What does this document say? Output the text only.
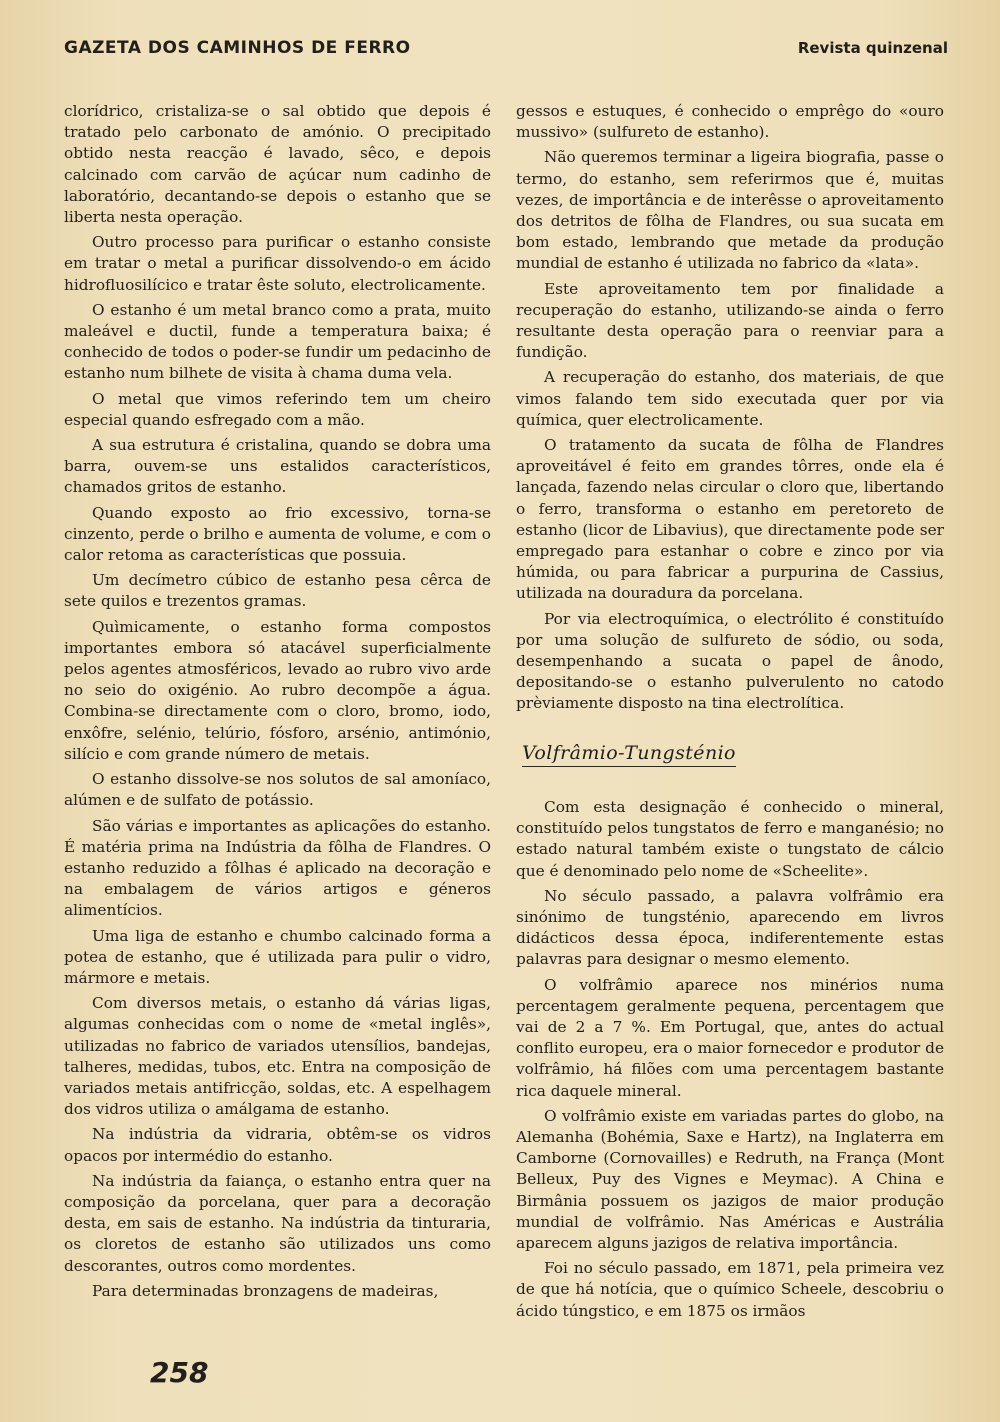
GAZETA DOS CAMINHOS DE FERRO	Revista quinzenal

clorídrico, cristaliza-se o sal obtido que depois é tratado pelo carbonato de amónio. O precipitado obtido nesta reacção é lavado, sêco, e depois calcinado com carvão de açúcar num cadinho de laboratório, decantando-se depois o estanho que se liberta nesta operação.

Outro processo para purificar o estanho consiste em tratar o metal a purificar dissolvendo-o em ácido hidrofluosilícico e tratar êste soluto, electrolicamente.

O estanho é um metal branco como a prata, muito maleável e ductil, funde a temperatura baixa; é conhecido de todos o poder-se fundir um pedacinho de estanho num bilhete de visita à chama duma vela.

O metal que vimos referindo tem um cheiro especial quando esfregado com a mão.

A sua estrutura é cristalina, quando se dobra uma barra, ouvem-se uns estalidos característicos, chamados gritos de estanho.

Quando exposto ao frio excessivo, torna-se cinzento, perde o brilho e aumenta de volume, e com o calor retoma as características que possuia.

Um decímetro cúbico de estanho pesa cêrca de sete quilos e trezentos gramas.

Quìmicamente, o estanho forma compostos importantes embora só atacável superficialmente pelos agentes atmosféricos, levado ao rubro vivo arde no seio do oxigénio. Ao rubro decompõe a água. Combina-se directamente com o cloro, bromo, iodo, enxôfre, selénio, telúrio, fósforo, arsénio, antimónio, silício e com grande número de metais.

O estanho dissolve-se nos solutos de sal amoníaco, alúmen e de sulfato de potássio.

São várias e importantes as aplicações do estanho. É matéria prima na Indústria da fôlha de Flandres. O estanho reduzido a fôlhas é aplicado na decoração e na embalagem de vários artigos e géneros alimentícios.

Uma liga de estanho e chumbo calcinado forma a potea de estanho, que é utilizada para pulir o vidro, mármore e metais.

Com diversos metais, o estanho dá várias ligas, algumas conhecidas com o nome de «metal inglês», utilizadas no fabrico de variados utensílios, bandejas, talheres, medidas, tubos, etc. Entra na composição de variados metais antifricção, soldas, etc. A espelhagem dos vidros utiliza o amálgama de estanho.

Na indústria da vidraria, obtêm-se os vidros opacos por intermédio do estanho.

Na indústria da faiança, o estanho entra quer na composição da porcelana, quer para a decoração desta, em sais de estanho. Na indústria da tinturaria, os cloretos de estanho são utilizados uns como descorantes, outros como mordentes.

Para determinadas bronzagens de madeiras,

gessos e estuques, é conhecido o emprêgo do «ouro mussivo» (sulfureto de estanho).

Não queremos terminar a ligeira biografia, passe o termo, do estanho, sem referirmos que é, muitas vezes, de importância e de interêsse o aproveitamento dos detritos de fôlha de Flandres, ou sua sucata em bom estado, lembrando que metade da produção mundial de estanho é utilizada no fabrico da «lata».

Este aproveitamento tem por finalidade a recuperação do estanho, utilizando-se ainda o ferro resultante desta operação para o reenviar para a fundição.

A recuperação do estanho, dos materiais, de que vimos falando tem sido executada quer por via química, quer electrolicamente.

O tratamento da sucata de fôlha de Flandres aproveitável é feito em grandes tôrres, onde ela é lançada, fazendo nelas circular o cloro que, libertando o ferro, transforma o estanho em peretoreto de estanho (licor de Libavius), que directamente pode ser empregado para estanhar o cobre e zinco por via húmida, ou para fabricar a purpurina de Cassius, utilizada na douradura da porcelana.

Por via electroquímica, o electrólito é constituído por uma solução de sulfureto de sódio, ou soda, desempenhando a sucata o papel de ânodo, depositando-se o estanho pulverulento no catodo prèviamente disposto na tina electrolítica.

Volfrâmio-Tungsténio

Com esta designação é conhecido o mineral, constituído pelos tungstatos de ferro e manganésio; no estado natural também existe o tungstato de cálcio que é denominado pelo nome de «Scheelite».

No século passado, a palavra volfrâmio era sinónimo de tungsténio, aparecendo em livros didácticos dessa época, indiferentemente estas palavras para designar o mesmo elemento.

O volfrâmio aparece nos minérios numa percentagem geralmente pequena, percentagem que vai de 2 a 7 %. Em Portugal, que, antes do actual conflito europeu, era o maior fornecedor e produtor de volfrâmio, há filões com uma percentagem bastante rica daquele mineral.

O volfrâmio existe em variadas partes do globo, na Alemanha (Bohémia, Saxe e Hartz), na Inglaterra em Camborne (Cornovailles) e Redruth, na França (Mont Belleux, Puy des Vignes e Meymac). A China e Birmânia possuem os jazigos de maior produção mundial de volfrâmio. Nas Américas e Austrália aparecem alguns jazigos de relativa importância.

Foi no século passado, em 1871, pela primeira vez de que há notícia, que o químico Scheele, descobriu o ácido túngstico, e em 1875 os irmãos

258
